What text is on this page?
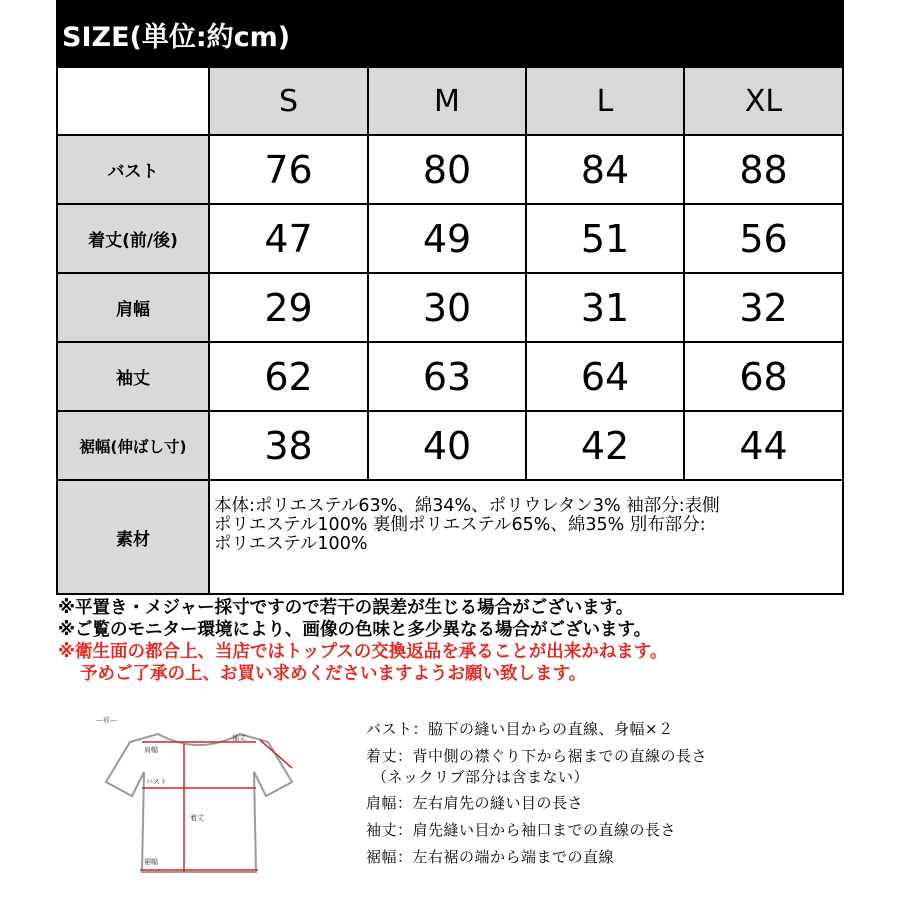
SIZE(単位:約cm)				
	S	M	L	XL
バスト	76	80	84	88
着丈(前/後)	47	49	51	56
肩幅	29	30	31	32
袖丈	62	63	64	68
裾幅(伸ばし寸)	38	40	42	44
素材	本体:ポリエステル63%、綿34%、ポリウレタン3% 袖部分:表側
ポリエステル100% 裏側ポリエステル65%、綿35% 別布部分:
ポリエステル100%			

※平置き・メジャー採寸ですので若干の誤差が生じる場合がございます。

※ご覧のモニター環境により、画像の色味と多少異なる場合がございます。

※衛生面の都合上、当店ではトップスの交換返品を承ることが出来かねます。

予めご了承の上、お買い求めくださいますようお願い致します。

—前—
肩幅
袖丈
バスト
着丈
裾幅

バスト：脇下の縫い目からの直線、身幅×２

着丈：背中側の襟ぐり下から裾までの直線の長さ

（ネックリブ部分は含まない）

肩幅：左右肩先の縫い目の長さ

袖丈：肩先縫い目から袖口までの直線の長さ

裾幅：左右裾の端から端までの直線
